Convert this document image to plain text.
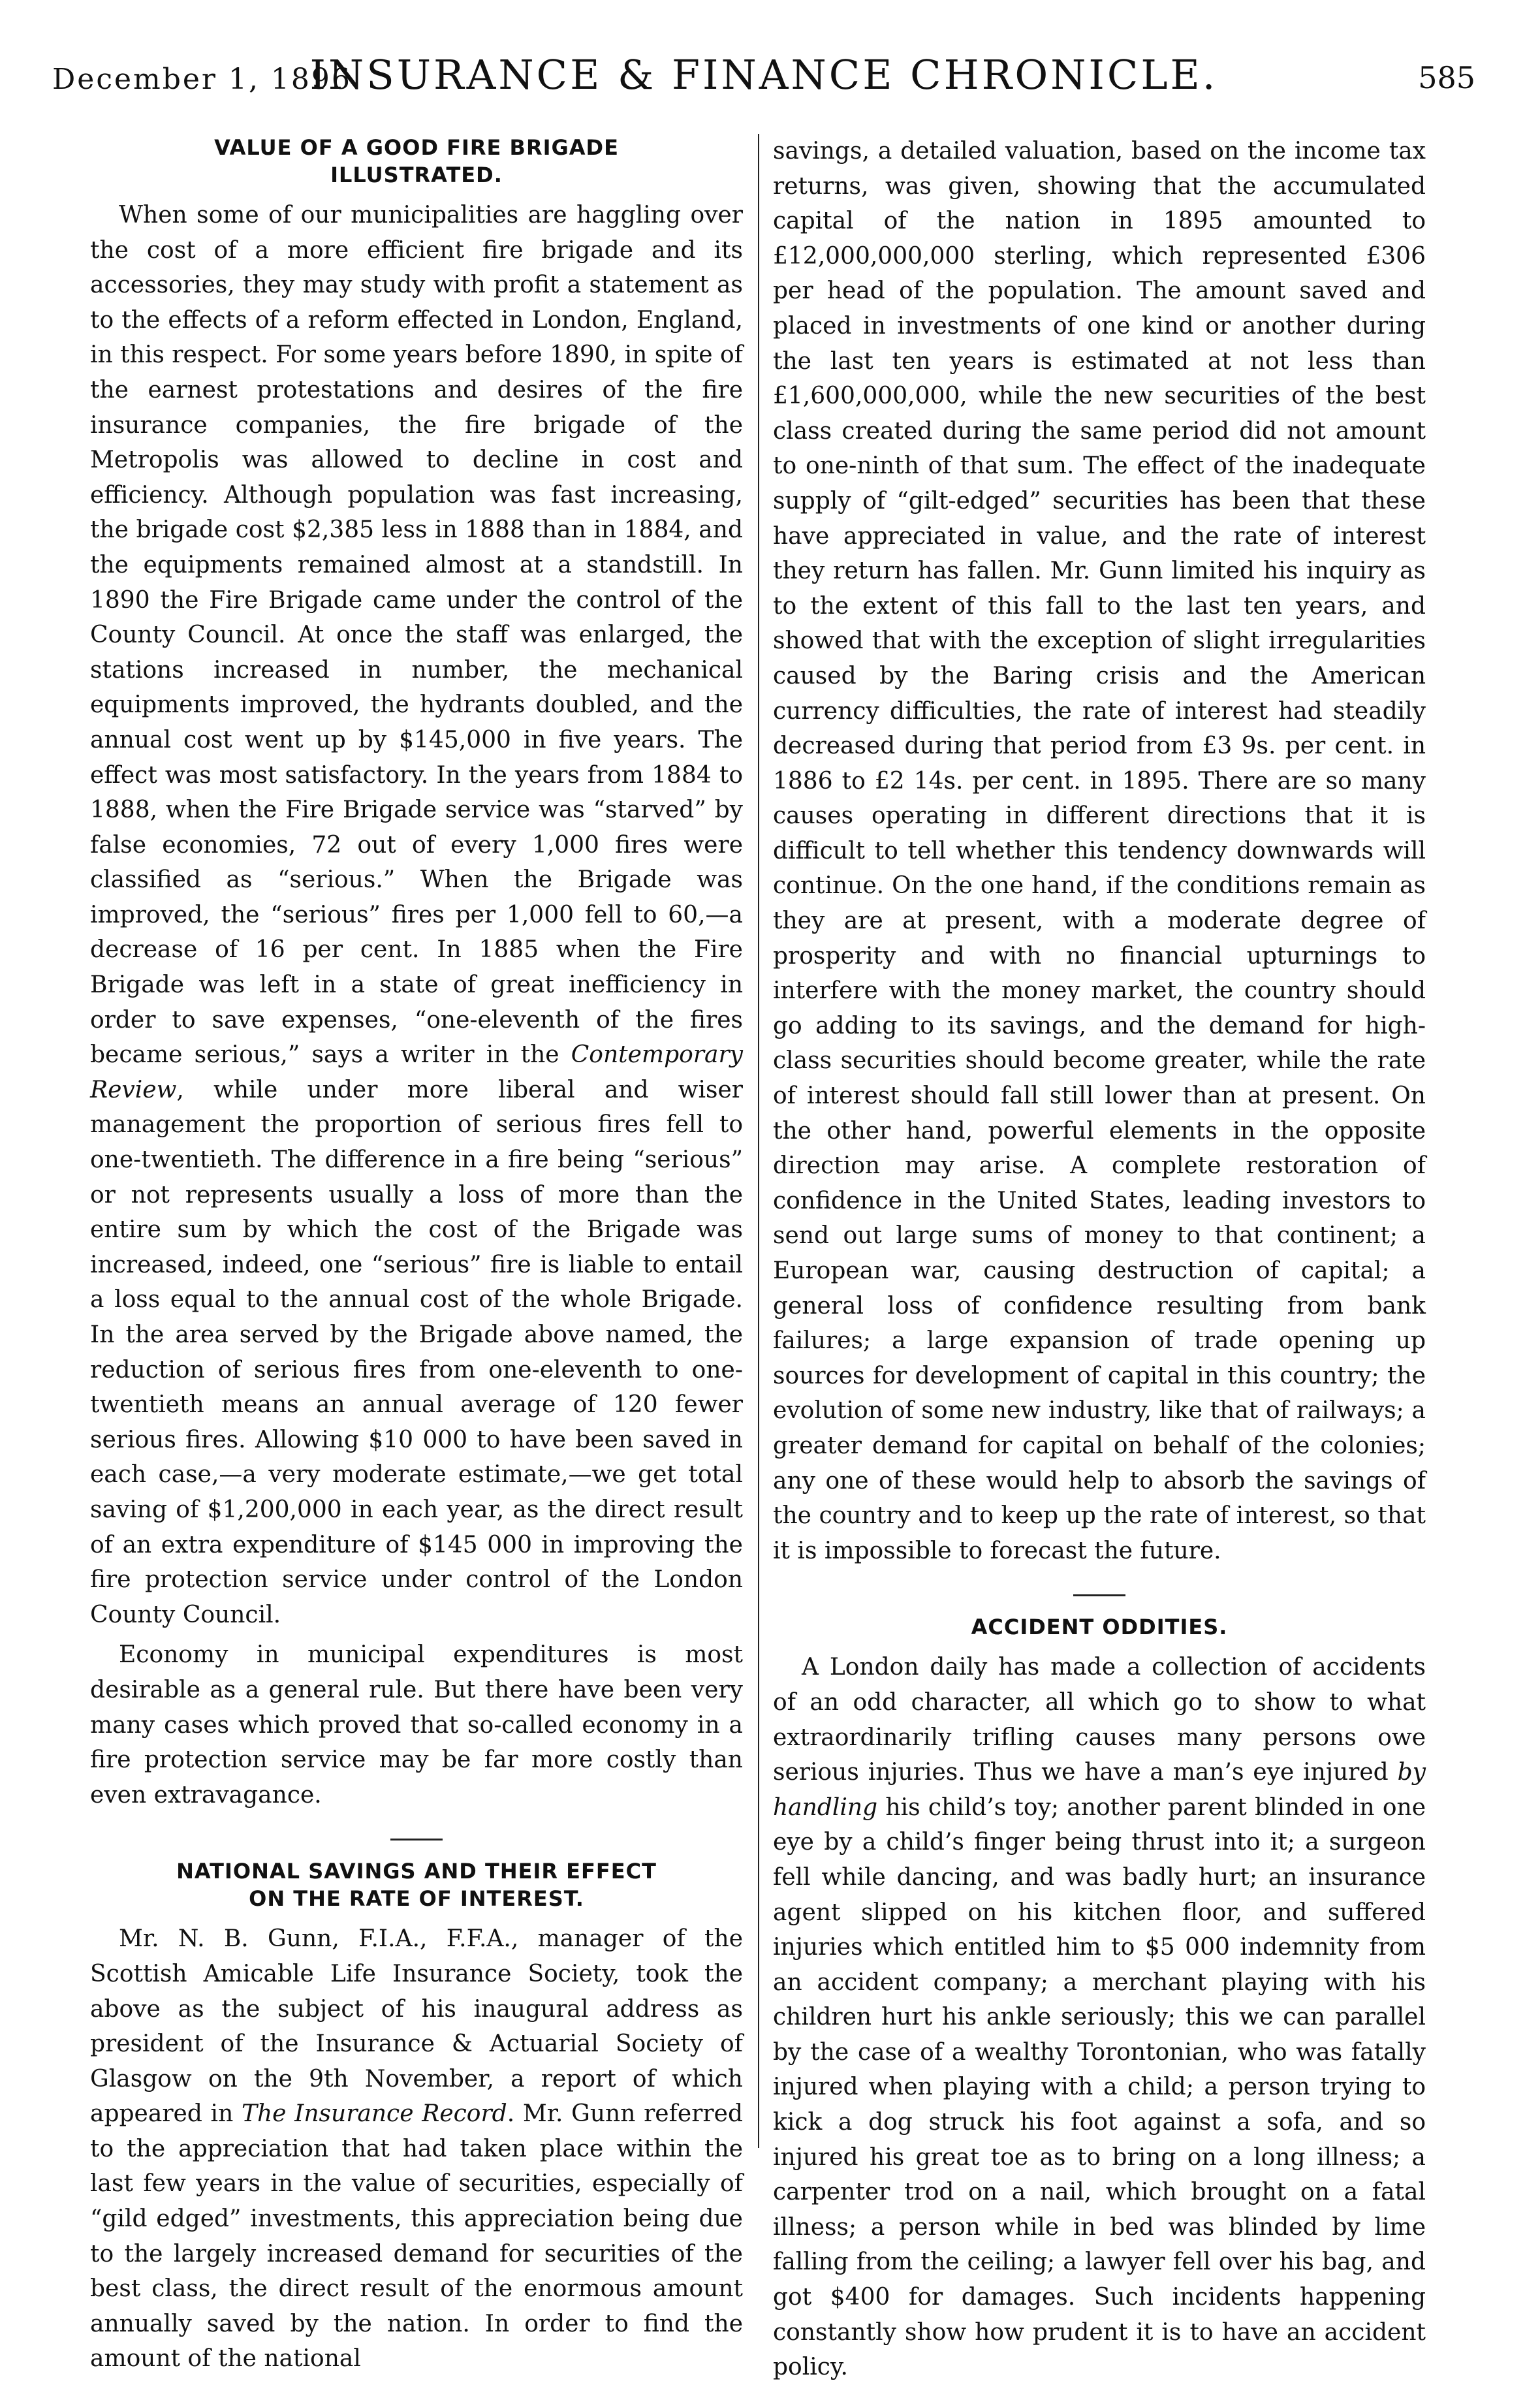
December 1, 1896
INSURANCE & FINANCE CHRONICLE.	585
VALUE OF A GOOD FIRE BRIGADE
ILLUSTRATED.

When some of our municipalities are haggling over the cost of a more efficient fire brigade and its accessories, they may study with profit a statement as to the effects of a reform effected in London, England, in this respect. For some years before 1890, in spite of the earnest protestations and desires of the fire insurance companies, the fire brigade of the Metropolis was allowed to decline in cost and efficiency. Although population was fast increasing, the brigade cost $2,385 less in 1888 than in 1884, and the equipments remained almost at a standstill. In 1890 the Fire Brigade came under the control of the County Council. At once the staff was enlarged, the stations increased in number, the mechanical equipments improved, the hydrants doubled, and the annual cost went up by $145,000 in five years. The effect was most satisfactory. In the years from 1884 to 1888, when the Fire Brigade service was “starved” by false economies, 72 out of every 1,000 fires were classified as “serious.” When the Brigade was improved, the “serious” fires per 1,000 fell to 60,—a decrease of 16 per cent. In 1885 when the Fire Brigade was left in a state of great inefficiency in order to save expenses, “one-eleventh of the fires became serious,” says a writer in the Contemporary Review, while under more liberal and wiser management the proportion of serious fires fell to one-twentieth. The difference in a fire being “serious” or not represents usually a loss of more than the entire sum by which the cost of the Brigade was increased, indeed, one “serious” fire is liable to entail a loss equal to the annual cost of the whole Brigade. In the area served by the Brigade above named, the reduction of serious fires from one-eleventh to one-twentieth means an annual average of 120 fewer serious fires. Allowing $10 000 to have been saved in each case,—a very moderate estimate,—we get total saving of $1,200,000 in each year, as the direct result of an extra expenditure of $145 000 in improving the fire protection service under control of the London County Council.

Economy in municipal expenditures is most desirable as a general rule. But there have been very many cases which proved that so-called economy in a fire protection service may be far more costly than even extravagance.

NATIONAL SAVINGS AND THEIR EFFECT
ON THE RATE OF INTEREST.

Mr. N. B. Gunn, F.I.A., F.F.A., manager of the Scottish Amicable Life Insurance Society, took the above as the subject of his inaugural address as president of the Insurance & Actuarial Society of Glasgow on the 9th November, a report of which appeared in The Insurance Record. Mr. Gunn referred to the appreciation that had taken place within the last few years in the value of securities, especially of “gild edged” investments, this appreciation being due to the largely increased demand for securities of the best class, the direct result of the enormous amount annually saved by the nation. In order to find the amount of the national

savings, a detailed valuation, based on the income tax returns, was given, showing that the accumulated capital of the nation in 1895 amounted to £12,000,000,000 sterling, which represented £306 per head of the population. The amount saved and placed in investments of one kind or another during the last ten years is estimated at not less than £1,600,000,000, while the new securities of the best class created during the same period did not amount to one-ninth of that sum. The effect of the inadequate supply of “gilt-edged” securities has been that these have appreciated in value, and the rate of interest they return has fallen. Mr. Gunn limited his inquiry as to the extent of this fall to the last ten years, and showed that with the exception of slight irregularities caused by the Baring crisis and the American currency difficulties, the rate of interest had steadily decreased during that period from £3 9s. per cent. in 1886 to £2 14s. per cent. in 1895. There are so many causes operating in different directions that it is difficult to tell whether this tendency downwards will continue. On the one hand, if the conditions remain as they are at present, with a moderate degree of prosperity and with no financial upturnings to interfere with the money market, the country should go adding to its savings, and the demand for high-class securities should become greater, while the rate of interest should fall still lower than at present. On the other hand, powerful elements in the opposite direction may arise. A complete restoration of confidence in the United States, leading investors to send out large sums of money to that continent; a European war, causing destruction of capital; a general loss of confidence resulting from bank failures; a large expansion of trade opening up sources for development of capital in this country; the evolution of some new industry, like that of railways; a greater demand for capital on behalf of the colonies; any one of these would help to absorb the savings of the country and to keep up the rate of interest, so that it is impossible to forecast the future.

ACCIDENT ODDITIES.

A London daily has made a collection of accidents of an odd character, all which go to show to what extraordinarily trifling causes many persons owe serious injuries. Thus we have a man’s eye injured by handling his child’s toy; another parent blinded in one eye by a child’s finger being thrust into it; a surgeon fell while dancing, and was badly hurt; an insurance agent slipped on his kitchen floor, and suffered injuries which entitled him to $5 000 indemnity from an accident company; a merchant playing with his children hurt his ankle seriously; this we can parallel by the case of a wealthy Torontonian, who was fatally injured when playing with a child; a person trying to kick a dog struck his foot against a sofa, and so injured his great toe as to bring on a long illness; a carpenter trod on a nail, which brought on a fatal illness; a person while in bed was blinded by lime falling from the ceiling; a lawyer fell over his bag, and got $400 for damages. Such incidents happening constantly show how prudent it is to have an accident policy.
